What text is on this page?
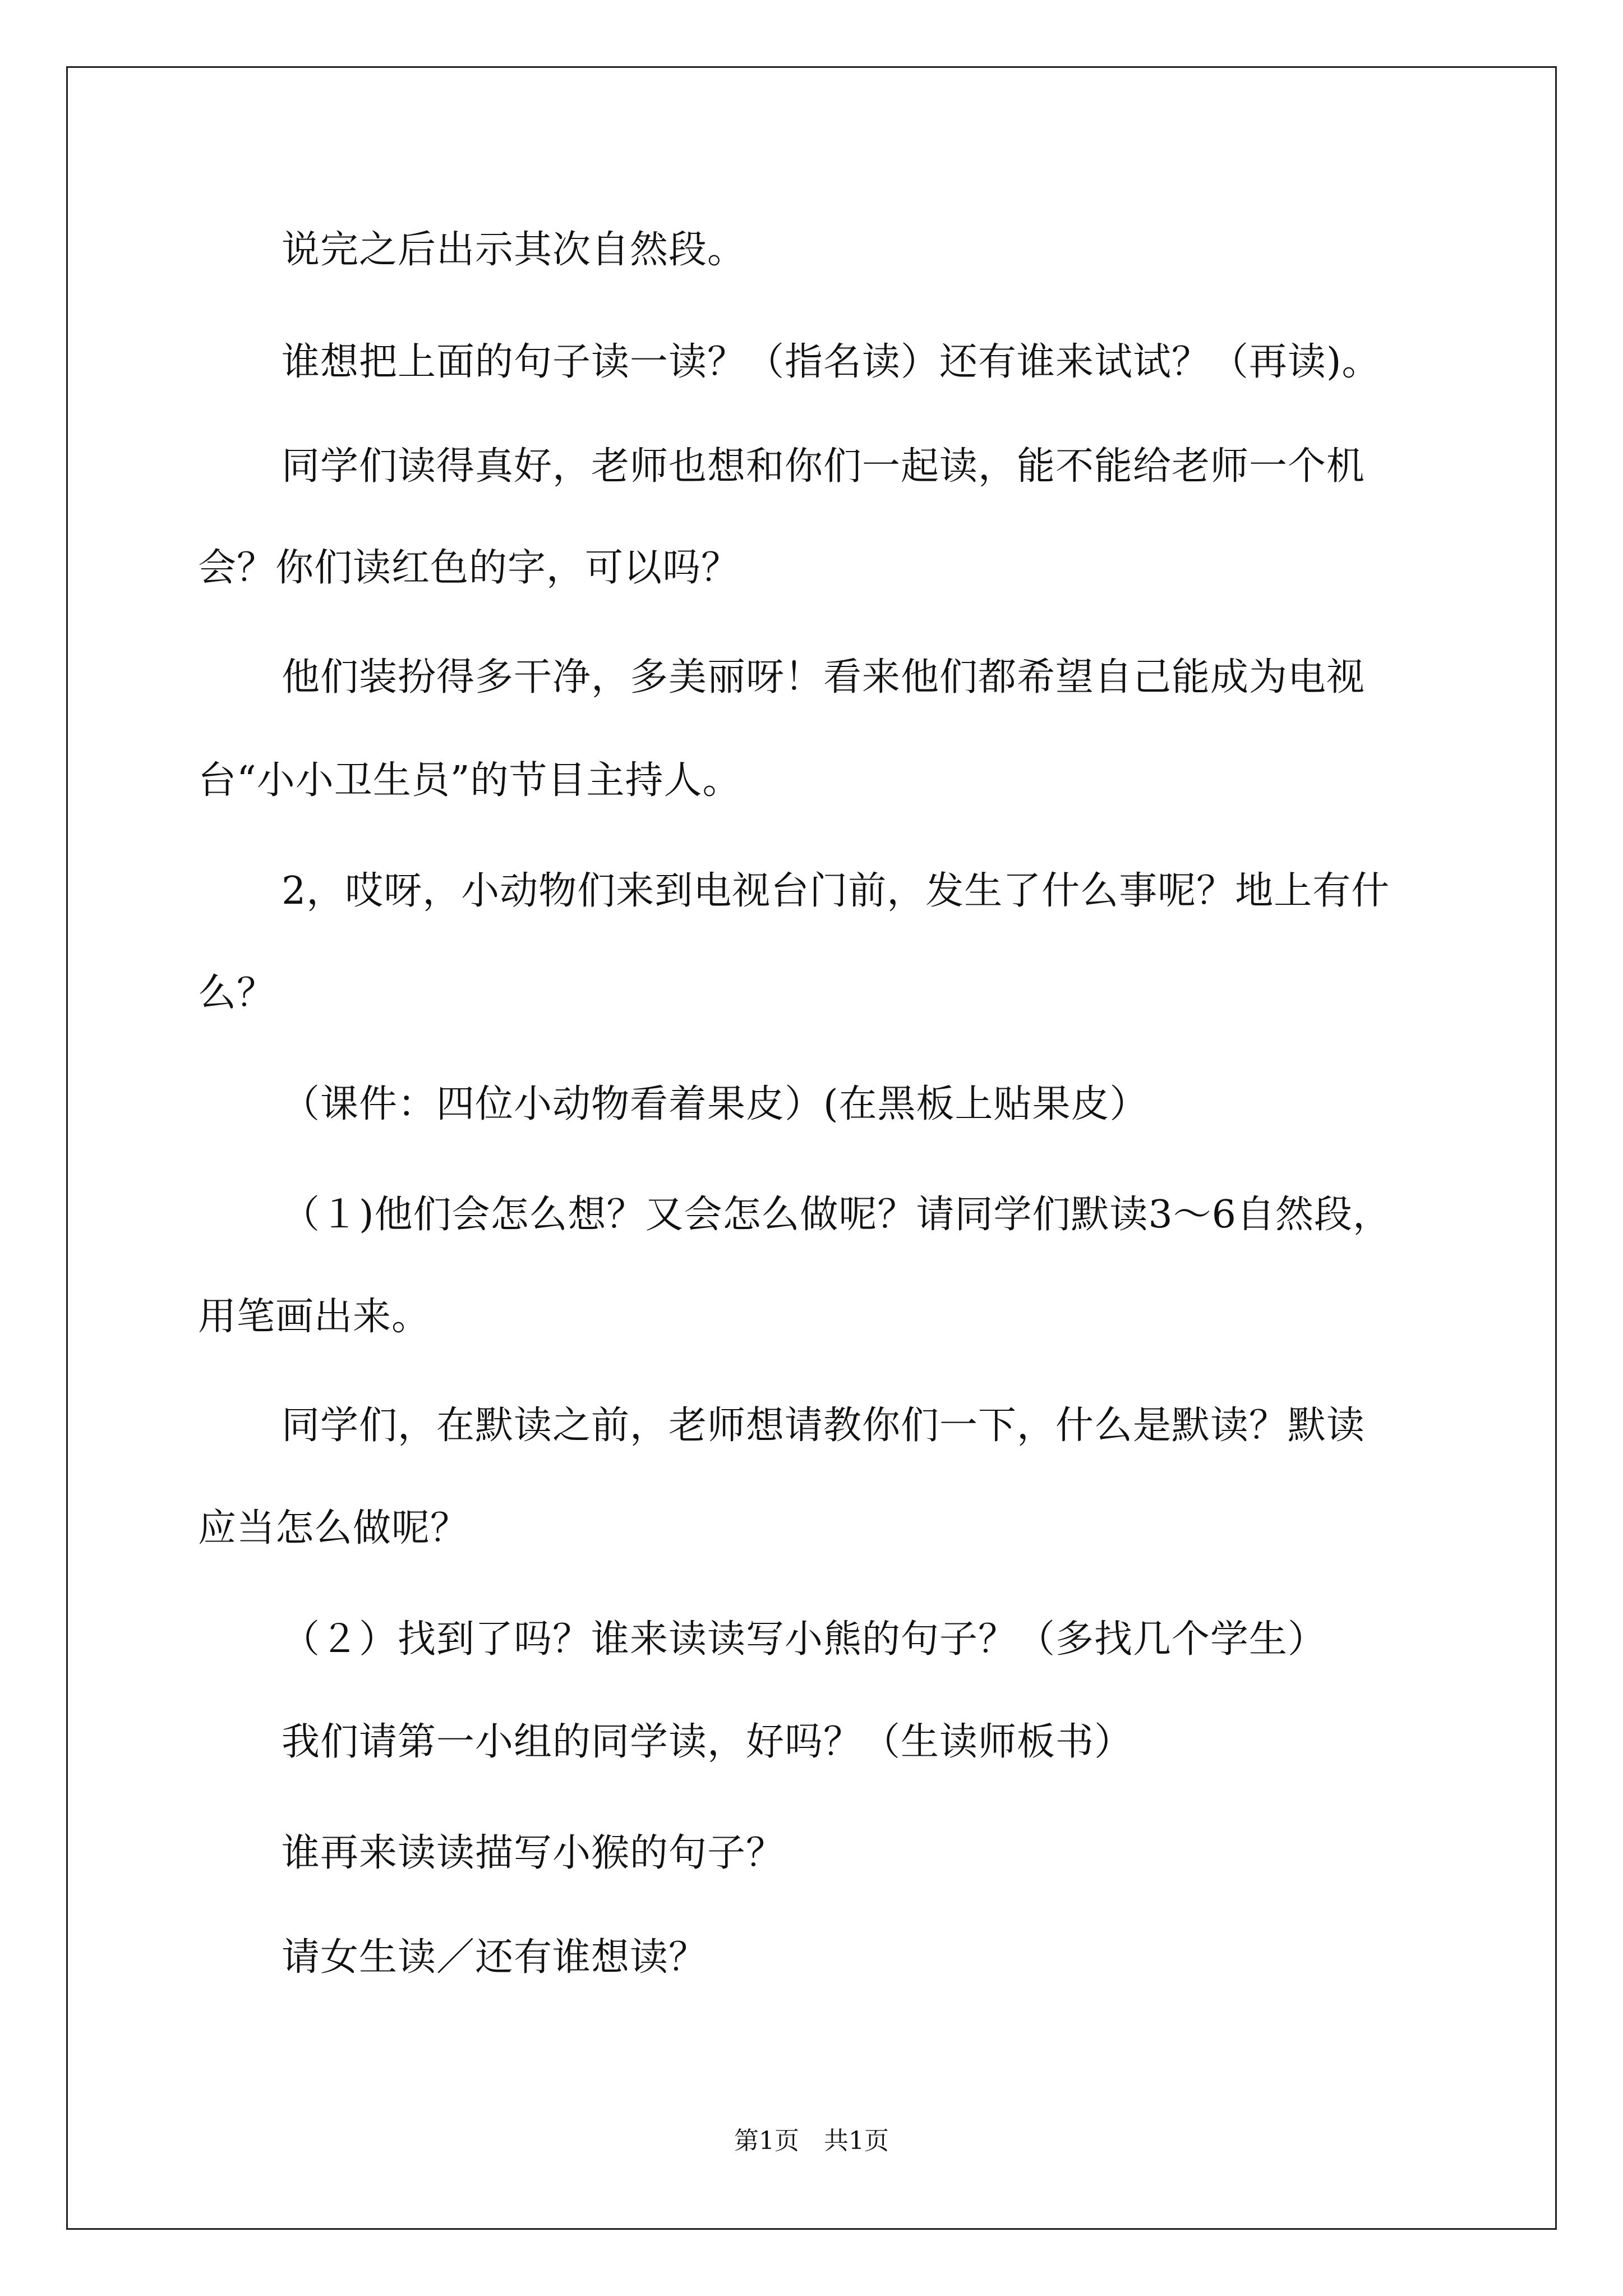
说完之后出示其次自然段。
谁想把上面的句子读一读？（指名读）还有谁来试试？（再读)。
同学们读得真好，老师也想和你们一起读，能不能给老师一个机
会？你们读红色的字，可以吗？
他们装扮得多干净，多美丽呀！看来他们都希望自己能成为电视
台“小小卫生员”的节目主持人。
2，哎呀，小动物们来到电视台门前，发生了什么事呢？地上有什
么？
（课件：四位小动物看着果皮）(在黑板上贴果皮）
（１)他们会怎么想？又会怎么做呢？请同学们默读3～6自然段，
用笔画出来。
同学们，在默读之前，老师想请教你们一下，什么是默读？默读
应当怎么做呢？
（２）找到了吗？谁来读读写小熊的句子？（多找几个学生）
我们请第一小组的同学读，好吗？（生读师板书）
谁再来读读描写小猴的句子？
请女生读／还有谁想读？
第1页　共1页
